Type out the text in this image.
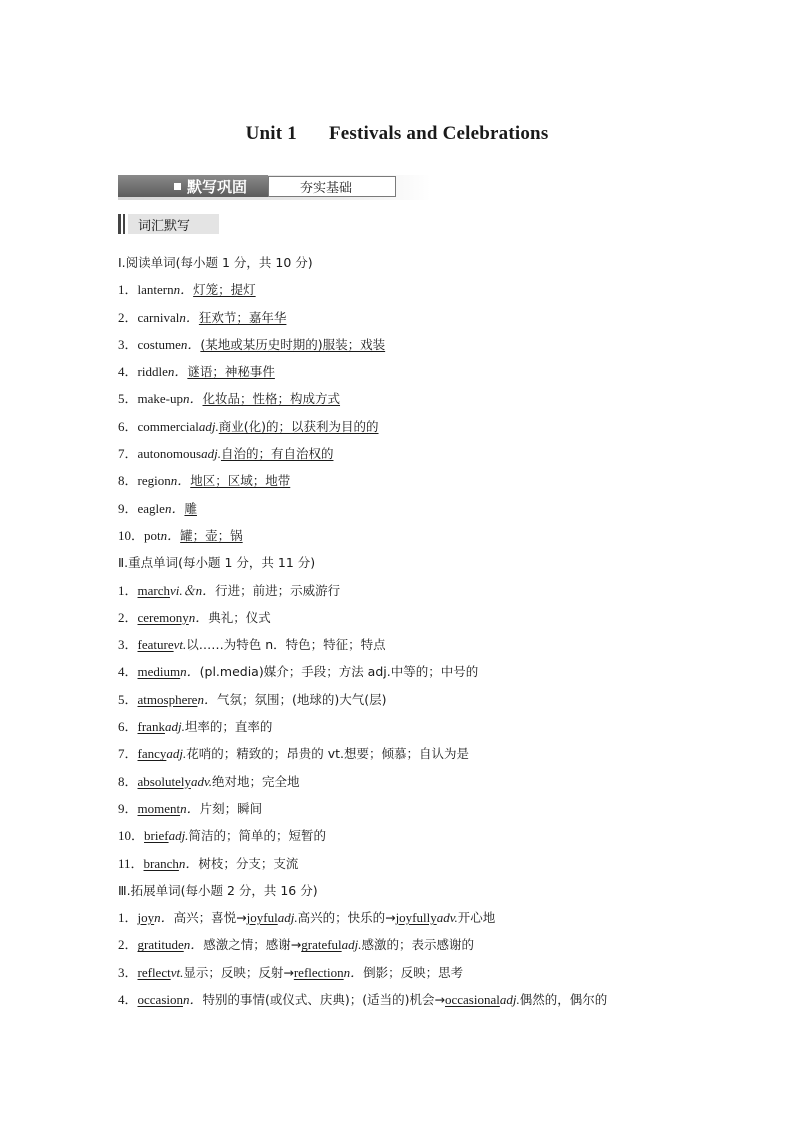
Unit 1 Festivals and Celebrations
默写巩固	夯实基础
词汇默写
Ⅰ.阅读单词(每小题 1 分，共 10 分)
1．lanternn．灯笼；提灯
2．carnivaln．狂欢节；嘉年华
3．costumen．(某地或某历史时期的)服装；戏装
4．riddlen．谜语；神秘事件
5．make-upn．化妆品；性格；构成方式
6．commercialadj.商业(化)的；以获利为目的的
7．autonomousadj.自治的；有自治权的
8．regionn．地区；区域；地带
9．eaglen．雕
10．potn．罐；壶；锅
Ⅱ.重点单词(每小题 1 分，共 11 分)
1．marchvi.＆n．行进；前进；示威游行
2．ceremonyn．典礼；仪式
3．featurevt.以……为特色 n．特色；特征；特点
4．mediumn．(pl.media)媒介；手段；方法 adj.中等的；中号的
5．atmospheren．气氛；氛围；(地球的)大气(层)
6．frankadj.坦率的；直率的
7．fancyadj.花哨的；精致的；昂贵的 vt.想要；倾慕；自认为是
8．absolutelyadv.绝对地；完全地
9．momentn．片刻；瞬间
10．briefadj.简洁的；简单的；短暂的
11．branchn．树枝；分支；支流
Ⅲ.拓展单词(每小题 2 分，共 16 分)
1．joyn．高兴；喜悦→joyfuladj.高兴的；快乐的→joyfullyadv.开心地
2．gratituden．感激之情；感谢→gratefuladj.感激的；表示感谢的
3．reflectvt.显示；反映；反射→reflectionn．倒影；反映；思考
4．occasionn．特别的事情(或仪式、庆典)；(适当的)机会→occasionaladj.偶然的，偶尔的
